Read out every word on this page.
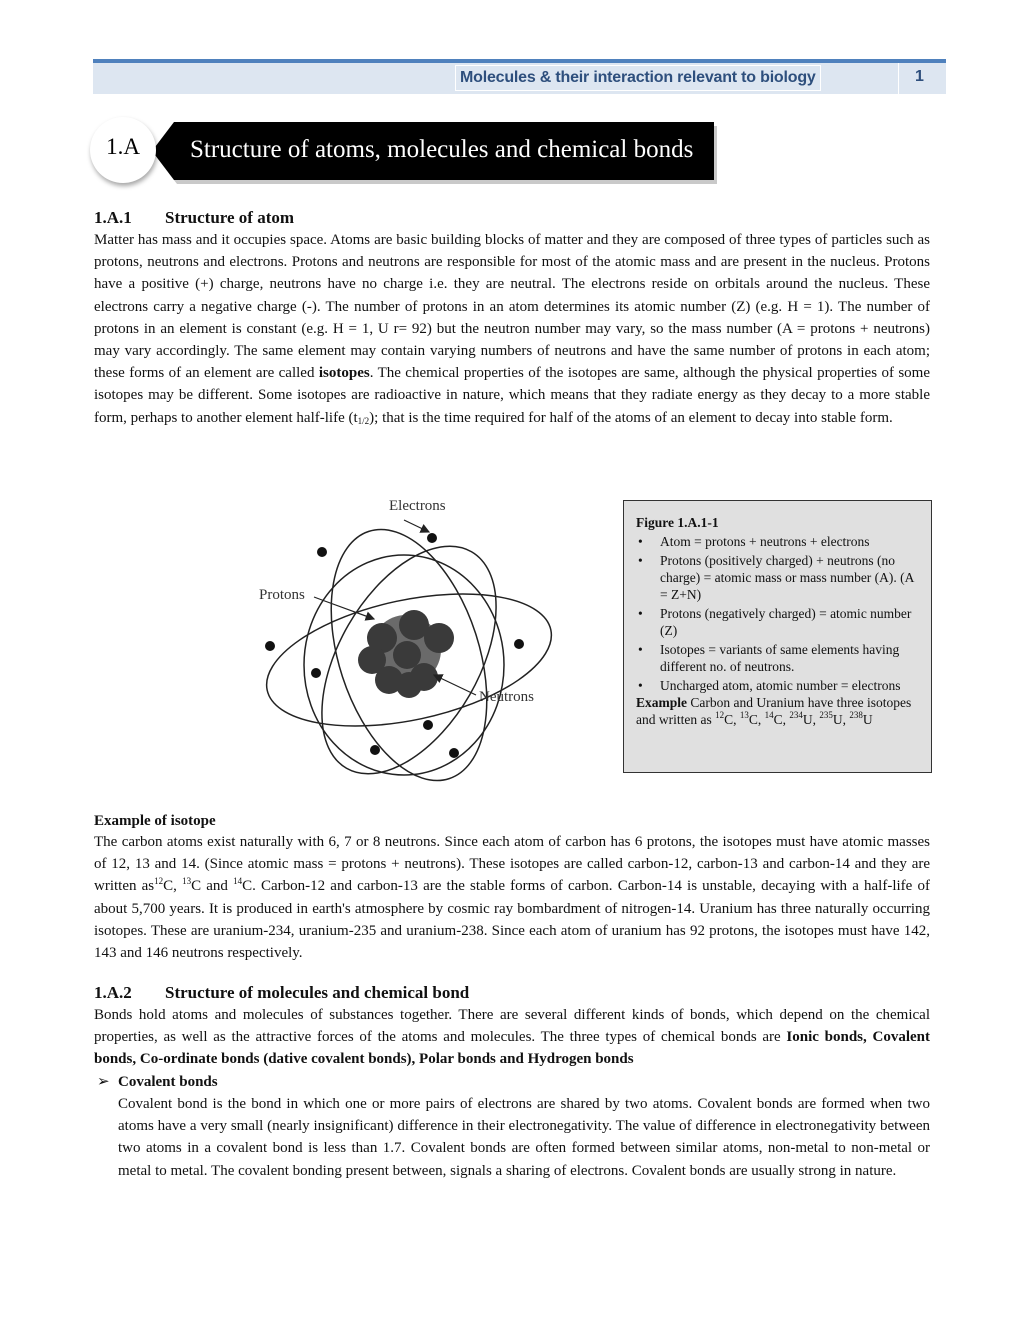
Molecules & their interaction relevant to biology	1
Structure of atoms, molecules and chemical bonds
1.A
1.A.1 Structure of atom
Matter has mass and it occupies space. Atoms are basic building blocks of matter and they are composed of three types of particles such as protons, neutrons and electrons. Protons and neutrons are responsible for most of the atomic mass and are present in the nucleus. Protons have a positive (+) charge, neutrons have no charge i.e. they are neutral. The electrons reside on orbitals around the nucleus. These electrons carry a negative charge (-). The number of protons in an atom determines its atomic number (Z) (e.g. H = 1). The number of protons in an element is constant (e.g. H = 1, U r= 92) but the neutron number may vary, so the mass number (A = protons + neutrons) may vary accordingly. The same element may contain varying numbers of neutrons and have the same number of protons in each atom; these forms of an element are called isotopes. The chemical properties of the isotopes are same, although the physical properties of some isotopes may be different. Some isotopes are radioactive in nature, which means that they radiate energy as they decay to a more stable form, perhaps to another element half-life $(t_{1/2})$; that is the time required for half of the atoms of an element to decay into stable form.
Electrons
Protons
Neutrons
Figure 1.A.1-1
• Atom = protons + neutrons + electrons
• Protons (positively charged) + neutrons (no charge) = atomic mass or mass number (A). (A = Z+N)
• Protons (negatively charged) = atomic number (Z)
• Isotopes = variants of same elements having different no. of neutrons.
• Uncharged atom, atomic number = electrons
Example Carbon and Uranium have three isotopes and written as $^{12}$C, $^{13}$C, $^{14}$C, $^{234}$U, $^{235}$U, $^{238}$U
Example of isotope
The carbon atoms exist naturally with 6, 7 or 8 neutrons. Since each atom of carbon has 6 protons, the isotopes must have atomic masses of 12, 13 and 14. (Since atomic mass = protons + neutrons). These isotopes are called carbon-12, carbon-13 and carbon-14 and they are written $as^{12}C$, $^{13}$C and $^{14}$C. Carbon-12 and carbon-13 are the stable forms of carbon. Carbon-14 is unstable, decaying with a half-life of about 5,700 years. It is produced in earth's atmosphere by cosmic ray bombardment of nitrogen-14. Uranium has three naturally occurring isotopes. These are uranium-234, uranium-235 and uranium-238. Since each atom of uranium has 92 protons, the isotopes must have 142, 143 and 146 neutrons respectively.
1.A.2 Structure of molecules and chemical bond
Bonds hold atoms and molecules of substances together. There are several different kinds of bonds, which depend on the chemical properties, as well as the attractive forces of the atoms and molecules. The three types of chemical bonds are Ionic bonds, Covalent bonds, Co-ordinate bonds (dative covalent bonds), Polar bonds and Hydrogen bonds
➢ Covalent bonds
Covalent bond is the bond in which one or more pairs of electrons are shared by two atoms. Covalent bonds are formed when two atoms have a very small (nearly insignificant) difference in their electronegativity. The value of difference in electronegativity between two atoms in a covalent bond is less than 1.7. Covalent bonds are often formed between similar atoms, non-metal to non-metal or metal to metal. The covalent bonding present between, signals a sharing of electrons. Covalent bonds are usually strong in nature.
